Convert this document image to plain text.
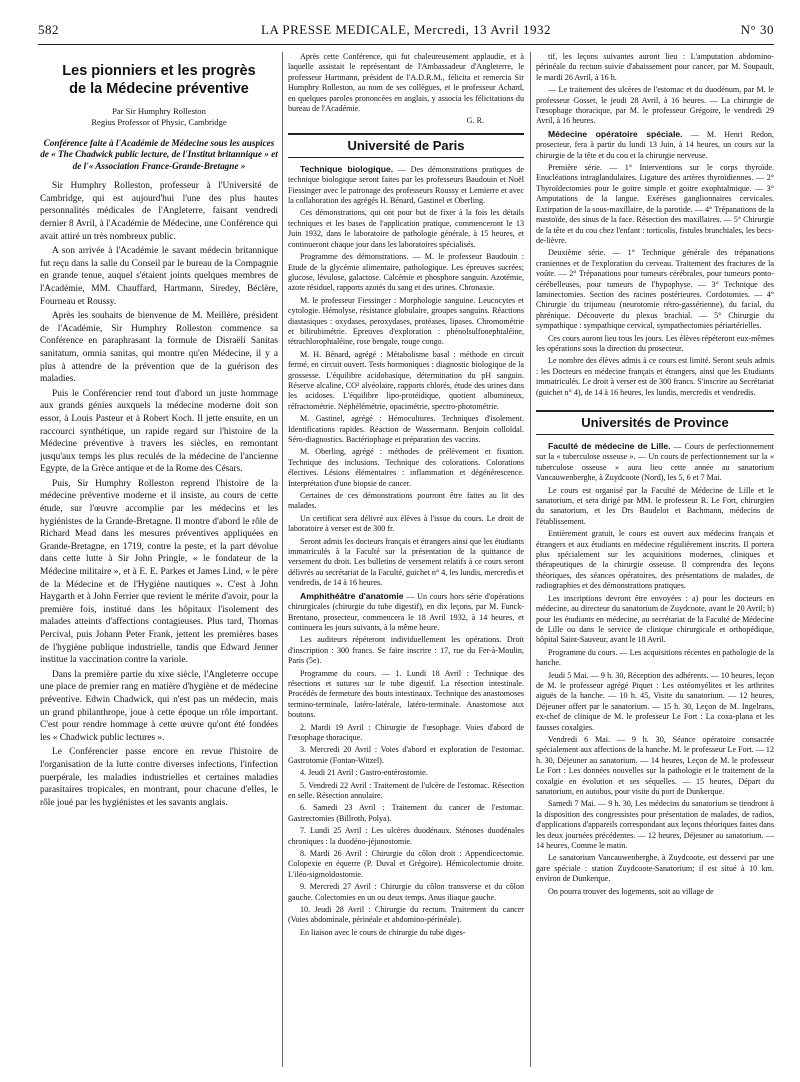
582	LA PRESSE MEDICALE, Mercredi, 13 Avril 1932	N° 30
Les pionniers et les progrès
de la Médecine préventive

Par Sir Humphry Rolleston

Regius Professor of Physic, Cambridge

Conférence faite à l'Académie de Médecine sous les auspices de « The Chadwick public lecture, de l'Institut britannique » et de l'« Association France-Grande-Bretagne »

Sir Humphry Rolleston, professeur à l'Université de Cambridge, qui est aujourd'hui l'une des plus hautes personnalités médicales de l'Angleterre, faisant vendredi dernier 8 Avril, à l'Académie de Médecine, une Conférence qui avait attiré un très nombreux public.

A son arrivée à l'Académie le savant médecin britannique fut reçu dans la salle du Conseil par le bureau de la Compagnie en grande tenue, auquel s'étaient joints quelques membres de l'Académie, MM. Chauffard, Hartmann, Siredey, Béclère, Fourneau et Roussy.

Après les souhaits de bienvenue de M. Meillère, président de l'Académie, Sir Humphry Rolleston commence sa Conférence en paraphrasant la formule de Disraëli Sanitas sanitatum, omnia sanitas, qui montre qu'en Médecine, il y a plus à attendre de la prévention que de la guérison des maladies.

Puis le Conférencier rend tout d'abord un juste hommage aux grands génies auxquels la médecine moderne doit son essor, à Louis Pasteur et à Robert Koch. Il jette ensuite, en un raccourci synthétique, un rapide regard sur l'histoire de la Médecine préventive à travers les siècles, en remontant jusqu'aux temps les plus reculés de la médecine de l'ancienne Egypte, de la Grèce antique et de la Rome des Césars.

Puis, Sir Humphry Rolleston reprend l'histoire de la médecine préventive moderne et il insiste, au cours de cette étude, sur l'œuvre accomplie par les médecins et les hygiénistes de la Grande-Bretagne. Il montre d'abord le rôle de Richard Mead dans les mesures préventives appliquées en Grande-Bretagne, en 1719, contre la peste, et la part dévolue dans cette lutte à Sir John Pringle, « le fondateur de la Médecine militaire », et à E. E. Parkes et James Lind, « le père de la Médecine et de l'Hygiène nautiques ». C'est à John Haygarth et à John Ferrier que revient le mérite d'avoir, pour la première fois, institué dans les hôpitaux l'isolement des malades atteints d'affections contagieuses. Plus tard, Thomas Percival, puis Johann Peter Frank, jettent les premières bases de l'hygiène publique industrielle, tandis que Edward Jenner institue la vaccination contre la variole.

Dans la première partie du xixe siècle, l'Angleterre occupe une place de premier rang en matière d'hygiène et de médecine préventive. Edwin Chadwick, qui n'est pas un médecin, mais un grand philanthrope, joue à cette époque un rôle important. C'est pour rendre hommage à cette œuvre qu'ont été fondées les « Chadwick public lectures ».

Le Conférencier passe encore en revue l'histoire de l'organisation de la lutte contre diverses infections, l'infection puerpérale, les maladies industrielles et certaines maladies parasitaires tropicales, en montrant, pour chacune d'elles, le rôle joué par les hygiénistes et les savants anglais.

Après cette Conférence, qui fut chaleureusement applaudie, et à laquelle assistait le représentant de l'Ambassadeur d'Angleterre, le professeur Hartmann, président de l'A.D.R.M., félicita et remercia Sir Humphry Rolleston, au nom de ses collègues, et le professeur Achard, en quelques paroles prononcées en anglais, y associa les félicitations du bureau de l'Académie.

G. R.

Université de Paris

Technique biologique. — Des démonstrations pratiques de technique biologique seront faites par les professeurs Baudouin et Noël Fiessinger avec le patronage des professeurs Roussy et Lemierre et avec la collaboration des agrégés H. Bénard, Gastinel et Oberling.

Ces démonstrations, qui ont pour but de fixer à la fois les détails techniques et les bases de l'application pratique, commenceront le 13 Juin 1932, dans le laboratoire de pathologie générale, à 15 heures, et continueront chaque jour dans les laboratoires spécialisés.

Programme des démonstrations. — M. le professeur Baudouin : Etude de la glycémie alimentaire, pathologique. Les épreuves sucrées; glucose, lévulose, galactose. Calcémie et phosphore sanguin. Azotémie, azote résiduel, rapports azotés du sang et des urines. Chronaxie.

M. le professeur Fiessinger : Morphologie sanguine. Leucocytes et cytologie. Hémolyse, résistance globulaire, groupes sanguins. Réactions diastasiques : oxydases, peroxydases, protéases, lipases. Chromométrie et bilirubimétrie. Epreuves d'exploration : phénolsulfonephtaléine, tétrachlorophtaléine, rose bengale, rouge congo.

M. H. Bénard, agrégé : Métabolisme basal : méthode en circuit fermé, en circuit ouvert. Tests hormoniques : diagnostic biologique de la grossesse. L'équilibre acidobasique, détermination du pH sanguin. Réserve alcaline, CO² alvéolaire, rapports chlorés, étude des urines dans les acidoses. L'équilibre lipo-protéidique, quotient albumineux, réfractométrie. Néphélémétrie, opacimétrie, spectro-photométrie.

M. Gastinel, agrégé : Hémocultures. Techniques d'isolement. Identifications rapides. Réaction de Wassermann. Benjoin colloïdal. Séro-diagnostics. Bactériophage et préparation des vaccins.

M. Oberling, agrégé : méthodes de prélèvement et fixation. Technique des inclusions. Technique des colorations. Colorations électives. Lésions élémentaires : inflammation et dégénérescence. Interprétation d'une biopsie de cancer.

Certaines de ces démonstrations pourront être faites au lit des malades.

Un certificat sera délivré aux élèves à l'issue du cours. Le droit de laboratoire à verser est de 300 fr.

Seront admis les docteurs français et étrangers ainsi que les étudiants immatriculés à la Faculté sur la présentation de la quittance de versement du droit. Les bulletins de versement relatifs à ce cours seront délivrés au secrétariat de la Faculté, guichet n° 4, les lundis, mercredis et vendredis, de 14 à 16 heures.

Amphithéâtre d'anatomie — Un cours hors série d'opérations chirurgicales (chirurgie du tube digestif), en dix leçons, par M. Funck-Brentano, prosecteur, commencera le 18 Avril 1932, à 14 heures, et continuera les jours suivants, à la même heure.

Les auditeurs répéteront individuellement les opérations. Droit d'inscription : 300 francs. Se faire inscrire : 17, rue du Fer-à-Moulin, Paris (5e).

Programme du cours. — 1. Lundi 18 Avril : Technique des résections et sutures sur le tube digestif. La résection intestinale. Procédés de fermeture des bouts intestinaux. Technique des anastomoses termino-terminale, latéro-latérale, latéro-terminale. Anastomose aux boutons.

2. Mardi 19 Avril : Chirurgie de l'œsophage. Voies d'abord de l'œsophage thoracique.

3. Mercredi 20 Avril : Voies d'abord et exploration de l'estomac. Gastrotomie (Fontan-Witzel).

4. Jeudi 21 Avril : Gastro-entérostomie.

5. Vendredi 22 Avril : Traitement de l'ulcère de l'estomac. Résection en selle. Résection annulaire.

6. Samedi 23 Avril : Traitement du cancer de l'estomac. Gastrectomies (Billroth, Polya).

7. Lundi 25 Avril : Les ulcères duodénaux. Sténoses duodénales chroniques : la duodéno-jéjunostomie.

8. Mardi 26 Avril : Chirurgie du côlon droit : Appendicectomie. Colopexie en équerre (P. Duval et Grégoire). Hémicolectomie droite. L'iléo-sigmoïdostomie.

9. Mercredi 27 Avril : Chirurgie du côlon transverse et du côlon gauche. Colectomies en un ou deux temps. Anus iliaque gauche.

10. Jeudi 28 Avril : Chirurgie du rectum. Traitement du cancer (Voies abdominale, périnéale et abdomino-périnéale).

En liaison avec le cours de chirurgie du tube diges-

tif, les leçons suivantes auront lieu : L'amputation abdomino-périnéale du rectum suivie d'abaissement pour cancer, par M. Soupault, le mardi 26 Avril, à 16 h.

— Le traitement des ulcères de l'estomac et du duodénum, par M. le professeur Gosset, le jeudi 28 Avril, à 16 heures. — La chirurgie de l'œsophage thoracique, par M. le professeur Grégoire, le vendredi 29 Avril, à 16 heures.

Médecine opératoire spéciale. — M. Henri Redon, prosecteur, fera à partir du lundi 13 Juin, à 14 heures, un cours sur la chirurgie de la tête et du cou et la chirurgie nerveuse.

Première série. — 1° Interventions sur le corps thyroïde. Enucléations intraglandulaires. Ligature des artères thyroïdiennes. — 2° Thyroïdectomies pour le goitre simple et goitre exophtalmique. — 3° Amputations de la langue. Exérèses ganglionnaires cervicales. Extirpation de la sous-maxillaire, de la parotide. — 4° Trépanations de la mastoïde, des sinus de la face. Résection des maxillaires. — 5° Chirurgie de la tête et du cou chez l'enfant : torticolis, fistules branchiales, les becs-de-lièvre.

Deuxième série. — 1° Technique générale des trépanations craniennes et de l'exploration du cerveau. Traitement des fractures de la voûte. — 2° Trépanations pour tumeurs cérébrales, pour tumeurs ponto-cérébelleuses, pour tumeurs de l'hypophyse. — 3° Technique des laminectomies. Section des racines postérieures. Cordotomies. — 4° Chirurgie du trijumeau (neurotomie rétro-gassérienne), du facial, du phrénique. Découverte du plexus brachial. — 5° Chirurgie du sympathique : sympathique cervical, sympathectomies périartérielles.

Ces cours auront lieu tous les jours. Les élèves répéteront eux-mêmes les opérations sous la direction du prosecteur.

Le nombre des élèves admis à ce cours est limité. Seront seuls admis : les Docteurs en médecine français et étrangers, ainsi que les Etudiants immatriculés. Le droit à verser est de 300 francs. S'inscrire au Secrétariat (guichet n° 4), de 14 à 16 heures, les lundis, mercredis et vendredis.

Universités de Province

Faculté de médecine de Lille. — Cours de perfectionnement sur la « tuberculose osseuse ». — Un cours de perfectionnement sur la « tuberculose osseuse » aura lieu cette année au sanatorium Vancauwenberghe, à Zuydcoote (Nord), les 5, 6 et 7 Mai.

Le cours est organisé par la Faculté de Médecine de Lille et le sanatorium, et sera dirigé par MM. le professeur R. Le Fort, chirurgien du sanatorium, et les Drs Baudelot et Bachmann, médecins de l'établissement.

Entièrement gratuit, le cours est ouvert aux médecins français et étrangers et aux étudiants en médecine régulièrement inscrits. Il portera plus spécialement sur les acquisitions modernes, cliniques et thérapeutiques de la chirurgie osseuse. Il comprendra des leçons théoriques, des séances opératoires, des présentations de malades, de radiographies et des démonstrations pratiques.

Les inscriptions devront être envoyées : a) pour les docteurs en médecine, au directeur du sanatorium de Zuydcoote, avant le 20 Avril; b) pour les étudiants en médecine, au secrétariat de la Faculté de Médecine de Lille ou dans le service de clinique chirurgicale et orthopédique, hôpital Saint-Sauveur, avant le 18 Avril.

Programme du cours. — Les acquisitions récentes en pathologie de la hanche.

Jeudi 5 Mai. — 9 h. 30, Réception des adhérents. — 10 heures, leçon de M. le professeur agrégé Piquet : Les ostéomyélites et les arthrites aiguës de la hanche. — 10 h. 45, Visite du sanatorium. — 12 heures, Déjeuner offert par le sanatorium. — 15 h. 30, Leçon de M. Ingelrans, ex-chef de clinique de M. le professeur Le Fort : La coxa-plana et les fausses coxalgies.

Vendredi 6 Mai. — 9 h. 30, Séance opératoire consacrée spécialement aux affections de la hanche. M. le professeur Le Fort. — 12 h. 30, Déjeuner au sanatorium. — 14 heures, Leçon de M. le professeur Le Fort : Les données nouvelles sur la pathologie et le traitement de la coxalgie en évolution et ses séquelles. — 15 heures, Départ du sanatorium, en autobus, pour visite du port de Dunkerque.

Samedi 7 Mai. — 9 h. 30, Les médecins du sanatorium se tiendront à la disposition des congressistes pour présentation de malades, de radios, d'applications d'appareils correspondant aux leçons théoriques faites dans les deux journées précédentes. — 12 heures, Déjeuner au sanatorium. — 14 heures, Comme le matin.

Le sanatorium Vancauwenberghe, à Zuydcoote, est desservi par une gare spéciale : station Zuydcoote-Sanatorium; il est situé à 10 km. environ de Dunkerque.

On pourra trouver des logements, soit au village de
